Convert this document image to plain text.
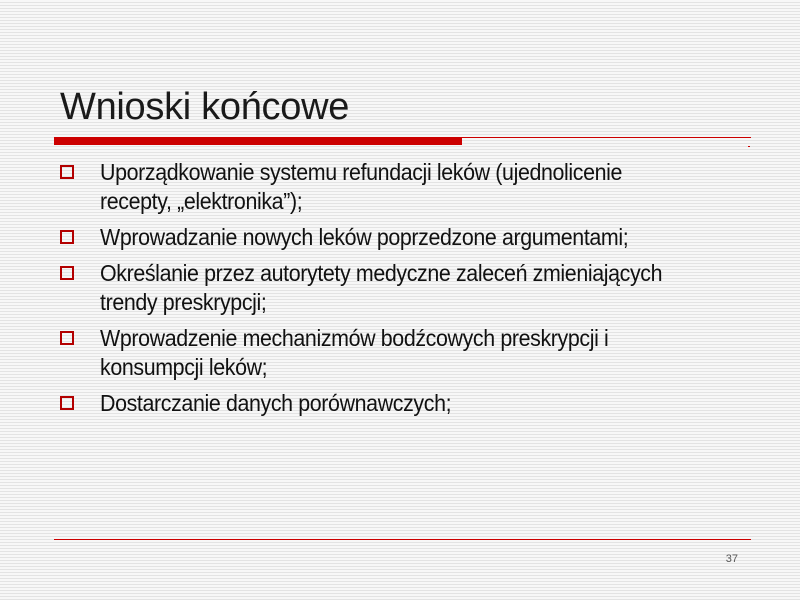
Wnioski końcowe
Uporządkowanie systemu refundacji leków (ujednolicenie recepty, „elektronika”);
Wprowadzanie nowych leków poprzedzone argumentami;
Określanie przez autorytety medyczne zaleceń zmieniających trendy preskrypcji;
Wprowadzenie mechanizmów bodźcowych preskrypcji i konsumpcji leków;
Dostarczanie danych porównawczych;
37
